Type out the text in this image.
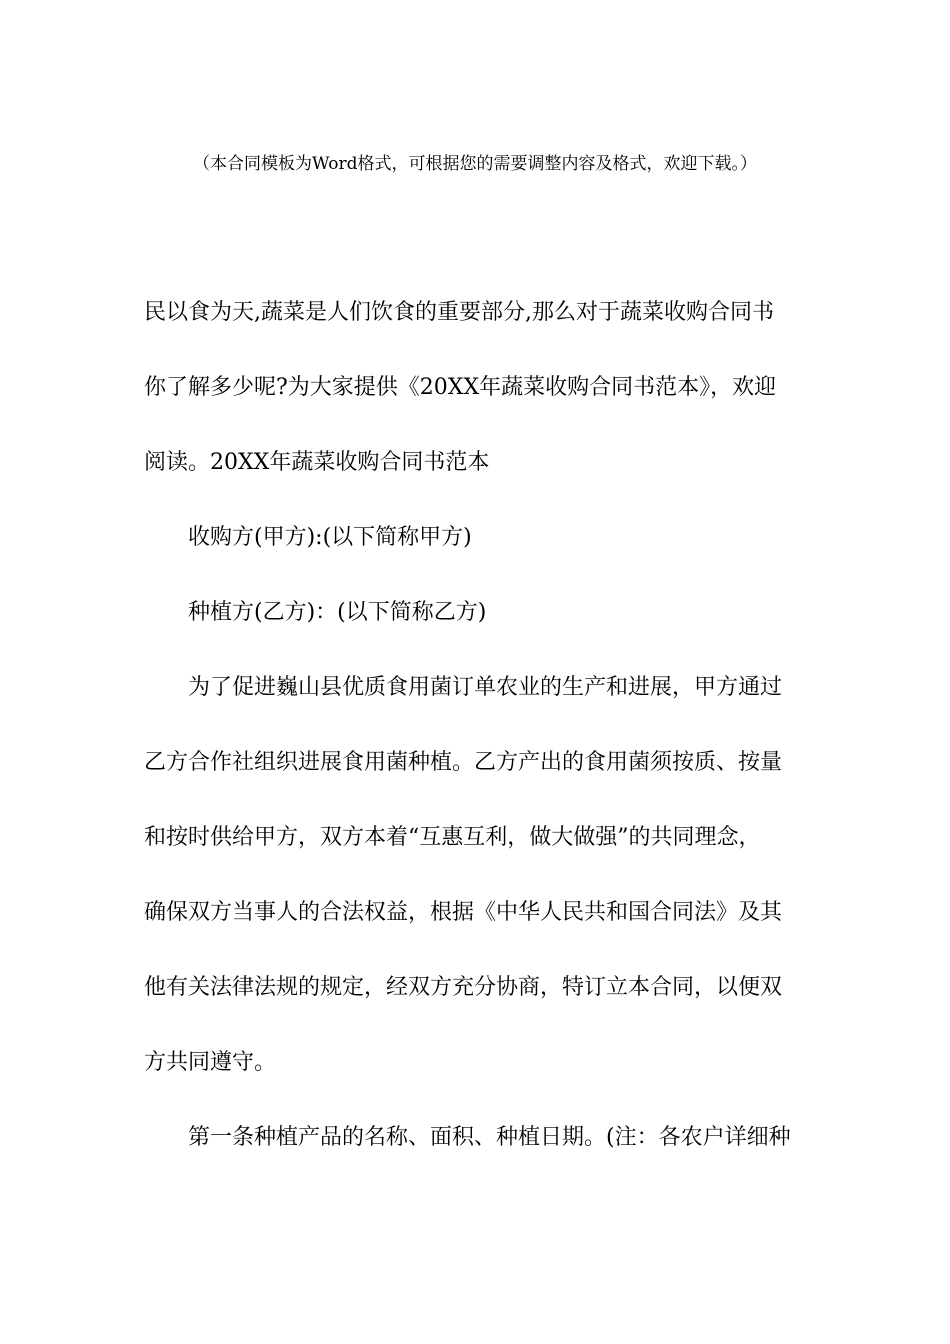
（本合同模板为Word格式，可根据您的需要调整内容及格式，欢迎下载。）
民以食为天,蔬菜是人们饮食的重要部分,那么对于蔬菜收购合同书
你了解多少呢?为大家提供《20XX年蔬菜收购合同书范本》，欢迎
阅读。20XX年蔬菜收购合同书范本
　　收购方(甲方):(以下简称甲方)
　　种植方(乙方)：(以下简称乙方)
　　为了促进巍山县优质食用菌订单农业的生产和进展，甲方通过
乙方合作社组织进展食用菌种植。乙方产出的食用菌须按质、按量
和按时供给甲方，双方本着“互惠互利，做大做强”的共同理念，
确保双方当事人的合法权益，根据《中华人民共和国合同法》及其
他有关法律法规的规定，经双方充分协商，特订立本合同，以便双
方共同遵守。
　　第一条种植产品的名称、面积、种植日期。(注：各农户详细种
